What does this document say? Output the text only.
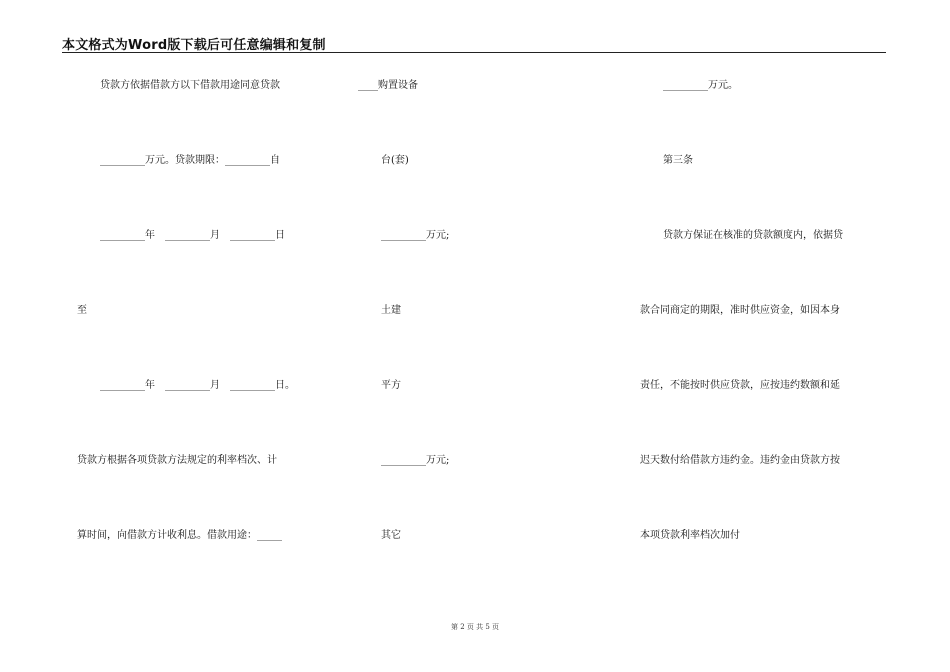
本文格式为Word版下载后可任意编辑和复制
贷款方依据借款方以下借款用途同意贷款
_________万元。贷款期限：_________自
_________年　_________月　_________日
至
_________年　_________月　_________日。
贷款方根据各项贷款方法规定的利率档次、计
算时间，向借款方计收利息。借款用途：_____
____购置设备
台(套)
_________万元;
土建
平方
_________万元;
其它
_________万元。
第三条
贷款方保证在核准的贷款额度内，依据贷
款合同商定的期限，准时供应资金，如因本身
责任，不能按时供应贷款，应按违约数额和延
迟天数付给借款方违约金。违约金由贷款方按
本项贷款利率档次加付
第 2 页 共 5 页
